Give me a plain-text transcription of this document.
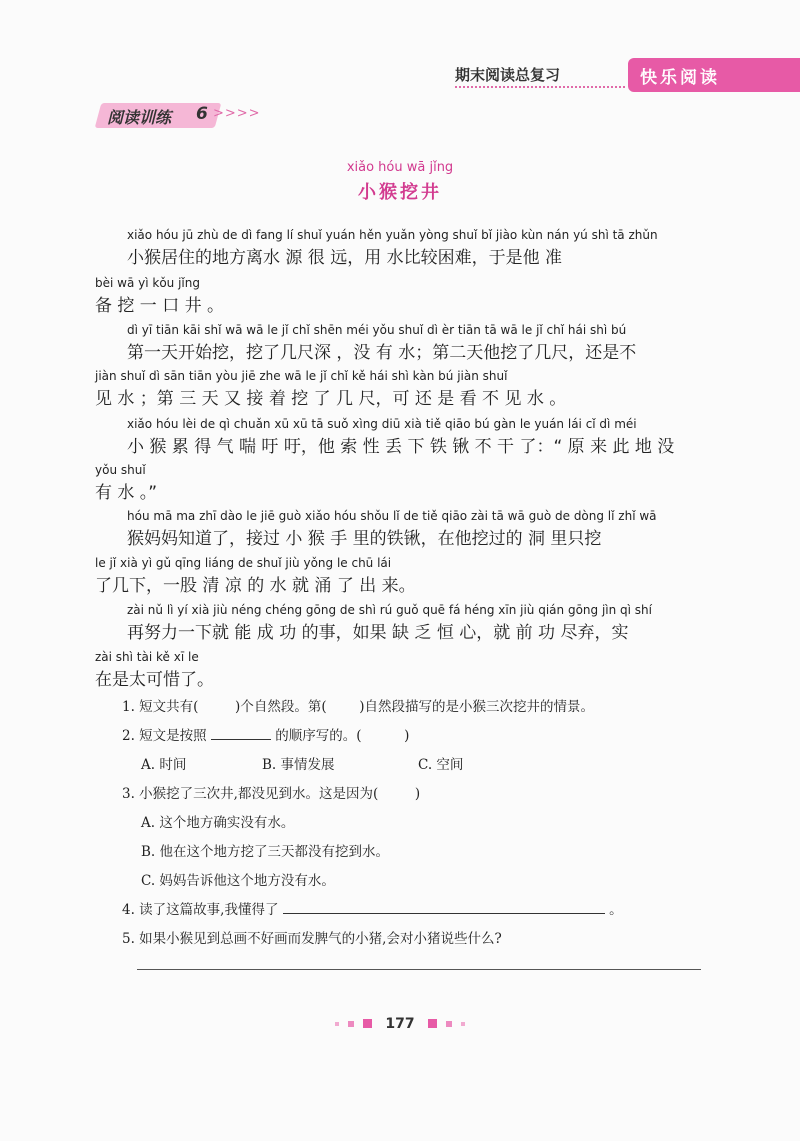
期末阅读总复习	快乐阅读
阅读训练 6 >>>>
xiǎo hóu wā jǐng
小猴挖井
xiǎo hóu jū zhù de dì fang lí shuǐ yuán hěn yuǎn yòng shuǐ bǐ jiào kùn nán yú shì tā zhǔn
小猴居住的地方离水 源 很 远，用 水比较困难，于是他 准
bèi wā yì kǒu jǐng
备 挖 一 口 井 。
dì yī tiān kāi shǐ wā wā le jǐ chǐ shēn méi yǒu shuǐ dì èr tiān tā wā le jǐ chǐ hái shì bú
第一天开始挖，挖了几尺深 ，没 有 水；第二天他挖了几尺，还是不
jiàn shuǐ dì sān tiān yòu jiē zhe wā le jǐ chǐ kě hái shì kàn bú jiàn shuǐ
见 水 ；第 三 天 又 接 着 挖 了 几 尺，可 还 是 看 不 见 水 。
xiǎo hóu lèi de qì chuǎn xū xū tā suǒ xìng diū xià tiě qiāo bú gàn le yuán lái cǐ dì méi
小 猴 累 得 气 喘 吁 吁，他 索 性 丢 下 铁 锹 不 干 了：“ 原 来 此 地 没
yǒu shuǐ
有 水 。”
hóu mā ma zhī dào le jiē guò xiǎo hóu shǒu lǐ de tiě qiāo zài tā wā guò de dòng lǐ zhǐ wā
猴妈妈知道了，接过 小 猴 手 里的铁锹，在他挖过的 洞 里只挖
le jǐ xià yì gǔ qīng liáng de shuǐ jiù yǒng le chū lái
了几下，一股 清 凉 的 水 就 涌 了 出 来。
zài nǔ lì yí xià jiù néng chéng gōng de shì rú guǒ quē fá héng xīn jiù qián gōng jìn qì shí
再努力一下就 能 成 功 的事，如果 缺 乏 恒 心，就 前 功 尽弃，实
zài shì tài kě xī le
在是太可惜了。
1. 短文共有(	)个自然段。第( )自然段描写的是小猴三次挖井的情景。
2. 短文是按照	的顺序写的。(	)
A. 时间	B. 事情发展	C. 空间
3. 小猴挖了三次井,都没见到水。这是因为(	)
A. 这个地方确实没有水。
B. 他在这个地方挖了三天都没有挖到水。
C. 妈妈告诉他这个地方没有水。
4. 读了这篇故事,我懂得了	。
5. 如果小猴见到总画不好画而发脾气的小猪,会对小猪说些什么?
177
